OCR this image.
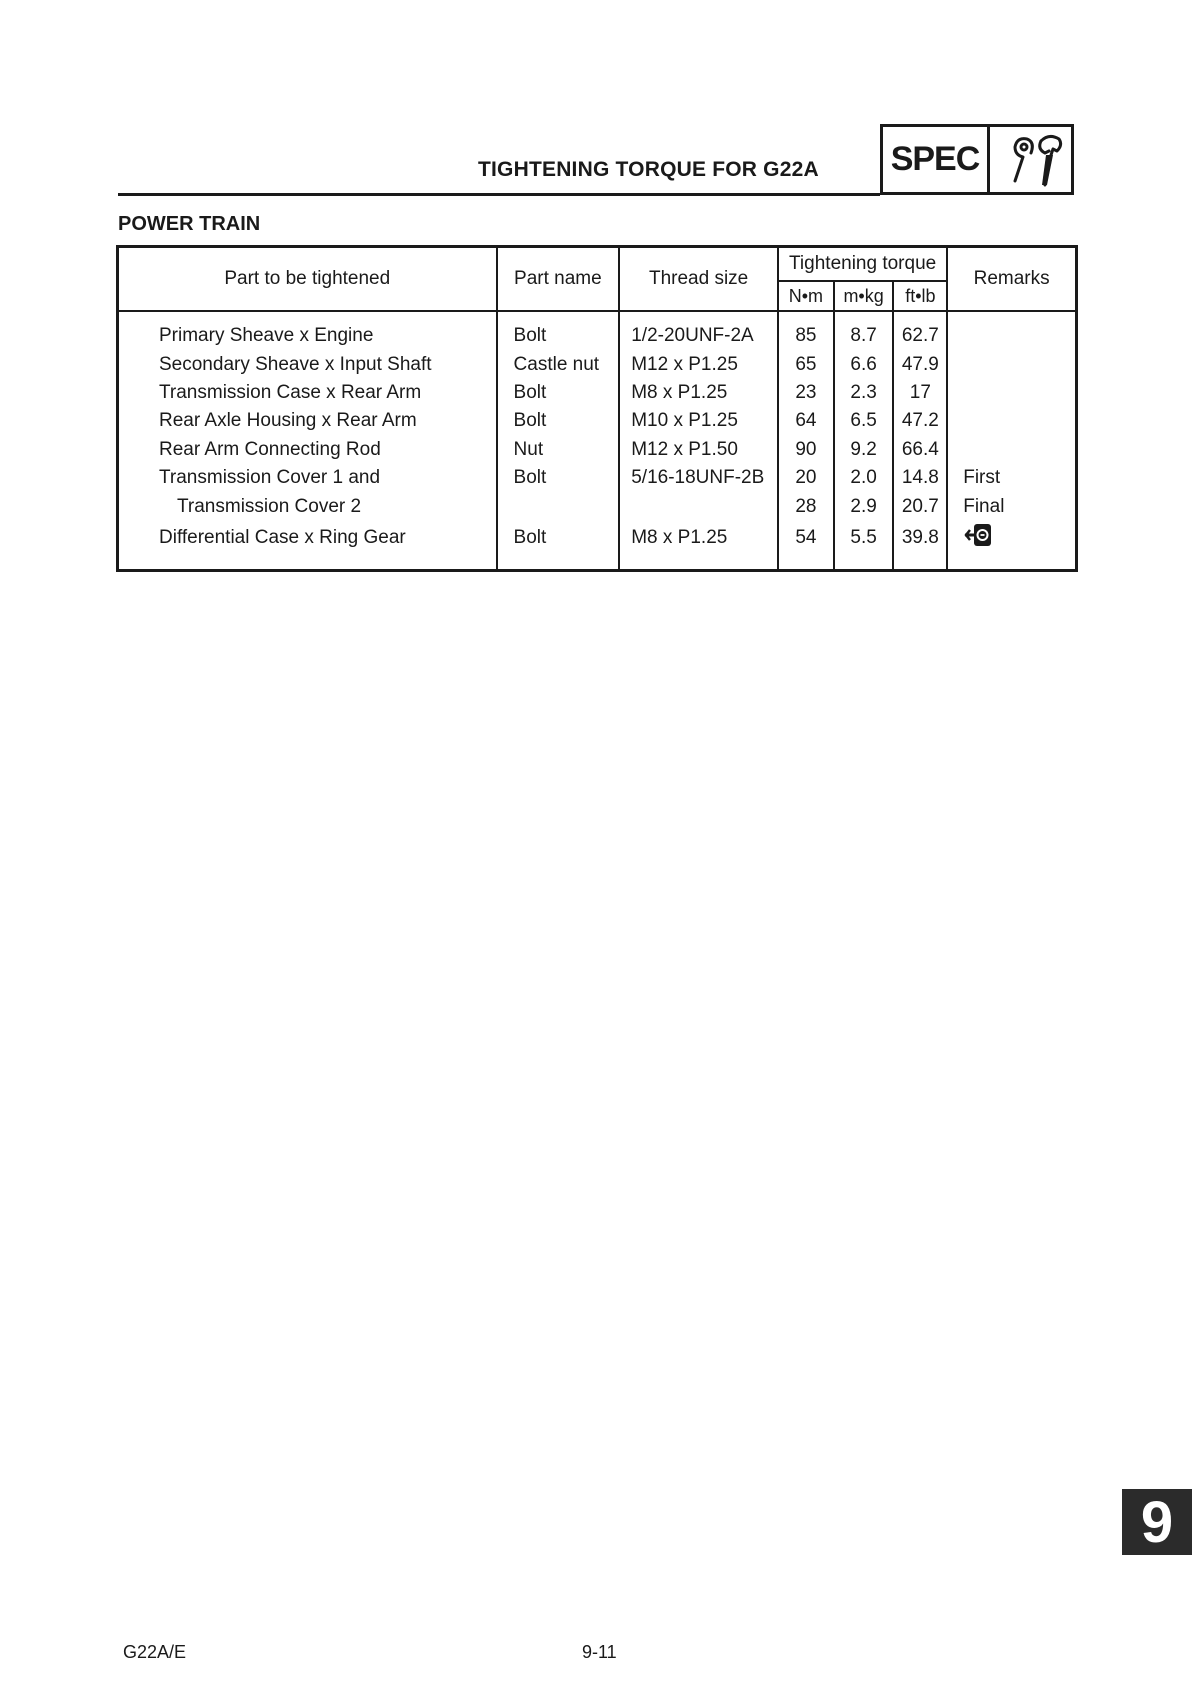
TIGHTENING TORQUE FOR G22A SPEC
POWER TRAIN
Part to be tightened	Part name	Thread size	Tightening torque			Remarks
			N•m	m•kg	ft•lb	
Primary Sheave x Engine	Bolt	1/2-20UNF-2A	85	8.7	62.7	
Secondary Sheave x Input Shaft	Castle nut	M12 x P1.25	65	6.6	47.9	
Transmission Case x Rear Arm	Bolt	M8 x P1.25	23	2.3	17	
Rear Axle Housing x Rear Arm	Bolt	M10 x P1.25	64	6.5	47.2	
Rear Arm Connecting Rod	Nut	M12 x P1.50	90	9.2	66.4	
Transmission Cover 1 and	Bolt	5/16-18UNF-2B	20	2.0	14.8	First
Transmission Cover 2			28	2.9	20.7	Final
Differential Case x Ring Gear	Bolt	M8 x P1.25	54	5.5	39.8	
9
G22A/E	9-11
